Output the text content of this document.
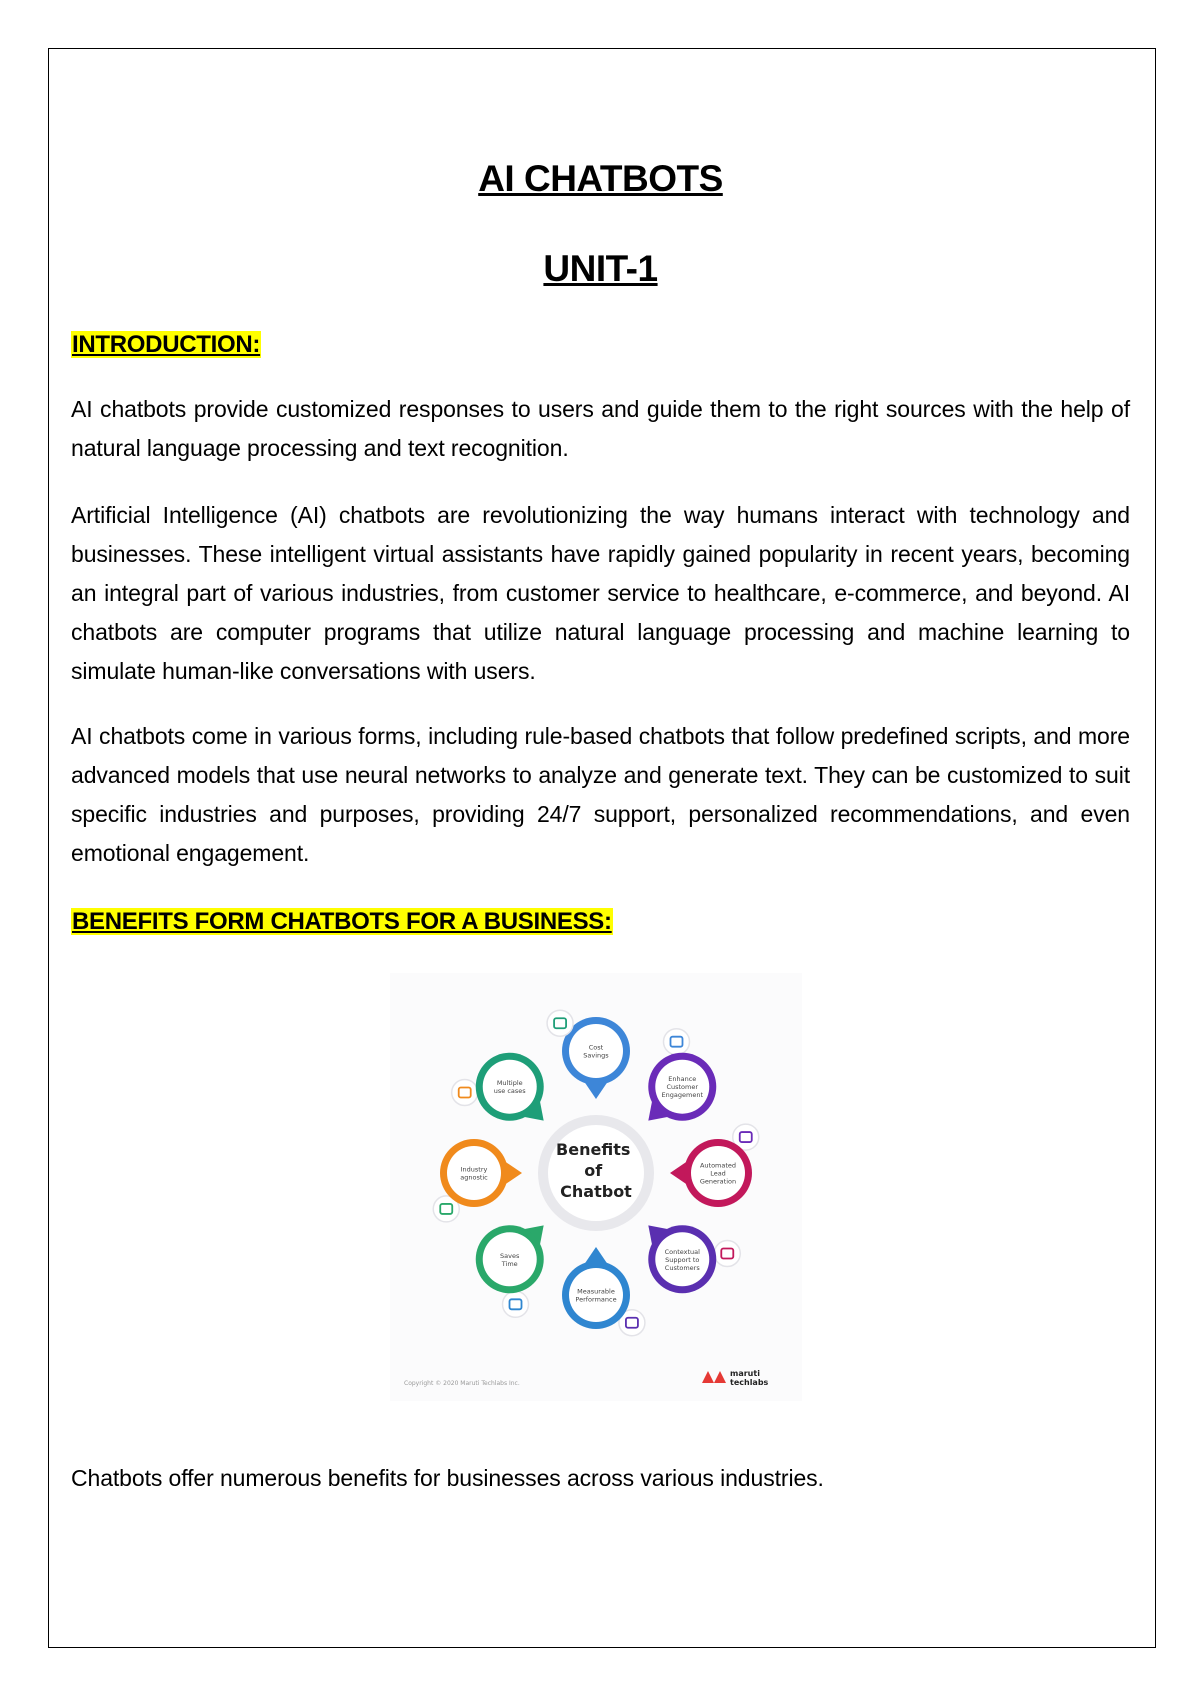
AI CHATBOTS
UNIT-1
INTRODUCTION:

AI chatbots provide customized responses to users and guide them to the right sources with the help of natural language processing and text recognition.

Artificial Intelligence (AI) chatbots are revolutionizing the way humans interact with technology and businesses. These intelligent virtual assistants have rapidly gained popularity in recent years, becoming an integral part of various industries, from customer service to healthcare, e-commerce, and beyond. AI chatbots are computer programs that utilize natural language processing and machine learning to simulate human-like conversations with users.

AI chatbots come in various forms, including rule-based chatbots that follow predefined scripts, and more advanced models that use neural networks to analyze and generate text. They can be customized to suit specific industries and purposes, providing 24/7 support, personalized recommendations, and even emotional engagement.

BENEFITS FORM CHATBOTS FOR A BUSINESS:
Benefits of Chatbot
Cost
Savings
Enhance
Customer
Engagement
Automated
Lead
Generation
Contextual
Support to
Customers
Measurable
Performance
Saves
Time
Industry
agnostic
Multiple
use cases
Copyright © 2020 Maruti Techlabs Inc.
maruti
techlabs

Chatbots offer numerous benefits for businesses across various industries.
